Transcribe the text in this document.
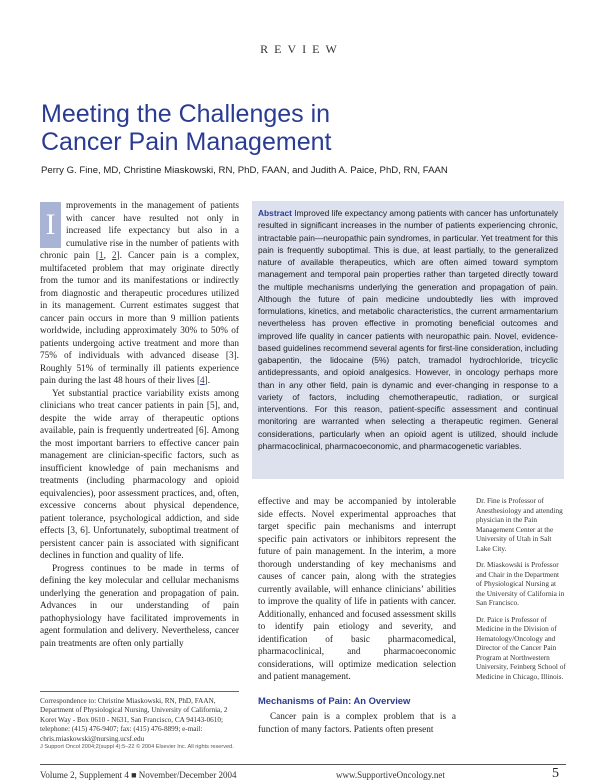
REVIEW
Meeting the Challenges in
Cancer Pain Management
Perry G. Fine, MD, Christine Miaskowski, RN, PhD, FAAN, and Judith A. Paice, PhD, RN, FAAN

I
mprovements in the management of patients with cancer have resulted not only in increased life expectancy but also in a cumulative rise in the number of patients with chronic pain [1, 2]. Cancer pain is a complex, multifaceted problem that may originate directly from the tumor and its manifestations or indirectly from diagnostic and therapeutic procedures utilized in its management. Current estimates suggest that cancer pain occurs in more than 9 million patients worldwide, including approximately 30% to 50% of patients undergoing active treatment and more than 75% of individuals with advanced disease [3]. Roughly 51% of terminally ill patients experience pain during the last 48 hours of their lives [4].

Yet substantial practice variability exists among clinicians who treat cancer patients in pain [5], and, despite the wide array of therapeutic options available, pain is frequently undertreated [6]. Among the most important barriers to effective cancer pain management are clinician-specific factors, such as insufficient knowledge of pain mechanisms and treatments (including pharmacology and opioid equivalencies), poor assessment practices, and, often, excessive concerns about physical dependence, patient tolerance, psychological addiction, and side effects [3, 6]. Unfortunately, suboptimal treatment of persistent cancer pain is associated with significant declines in function and quality of life.

Progress continues to be made in terms of defining the key molecular and cellular mechanisms underlying the generation and propagation of pain. Advances in our understanding of pain pathophysiology have facilitated improvements in agent formulation and delivery. Nevertheless, cancer pain treatments are often only partially

Abstract Improved life expectancy among patients with cancer has unfortunately resulted in significant increases in the number of patients experiencing chronic, intractable pain—neuropathic pain syndromes, in particular. Yet treatment for this pain is frequently suboptimal. This is due, at least partially, to the generalized nature of available therapeutics, which are often aimed toward symptom management and temporal pain properties rather than targeted directly toward the multiple mechanisms underlying the generation and propagation of pain. Although the future of pain medicine undoubtedly lies with improved formulations, kinetics, and metabolic characteristics, the current armamentarium nevertheless has proven effective in promoting beneficial outcomes and improved life quality in cancer patients with neuropathic pain. Novel, evidence-based guidelines recommend several agents for first-line consideration, including gabapentin, the lidocaine (5%) patch, tramadol hydrochloride, tricyclic antidepressants, and opioid analgesics. However, in oncology perhaps more than in any other field, pain is dynamic and ever-changing in response to a variety of factors, including chemotherapeutic, radiation, or surgical interventions. For this reason, patient-specific assessment and continual monitoring are warranted when selecting a therapeutic regimen. General considerations, particularly when an opioid agent is utilized, should include pharmacoclinical, pharmacoeconomic, and pharmacogenetic variables.

effective and may be accompanied by intolerable side effects. Novel experimental approaches that target specific pain mechanisms and interrupt specific pain activators or inhibitors represent the future of pain management. In the interim, a more thorough understanding of key mechanisms and causes of cancer pain, along with the strategies currently available, will enhance clinicians’ abilities to improve the quality of life in patients with cancer. Additionally, enhanced and focused assessment skills to identify pain etiology and severity, and identification of basic pharmacomedical, pharmacoclinical, and pharmacoeconomic considerations, will optimize medication selection and patient management.

Mechanisms of Pain: An Overview

Cancer pain is a complex problem that is a function of many factors. Patients often present

Dr. Fine is Professor of Anesthesiology and attending physician in the Pain Management Center at the University of Utah in Salt Lake City.

Dr. Miaskowski is Professor and Chair in the Department of Physiological Nursing at the University of California in San Francisco.

Dr. Paice is Professor of Medicine in the Division of Hematology/Oncology and Director of the Cancer Pain Program at Northwestern University, Feinberg School of Medicine in Chicago, Illinois.

Correspondence to: Christine Miaskowski, RN, PhD, FAAN, Department of Physiological Nursing, University of California, 2 Koret Way - Box 0610 - N631, San Francisco, CA 94143-0610; telephone: (415) 476-9407; fax: (415) 476-8899; e-mail: chris.miaskowski@nursing.ucsf.edu
J Support Oncol 2004;2(suppl 4):5–22 © 2004 Elsevier Inc. All rights reserved.
Volume 2, Supplement 4 ■ November/December 2004	www.SupportiveOncology.net	5
